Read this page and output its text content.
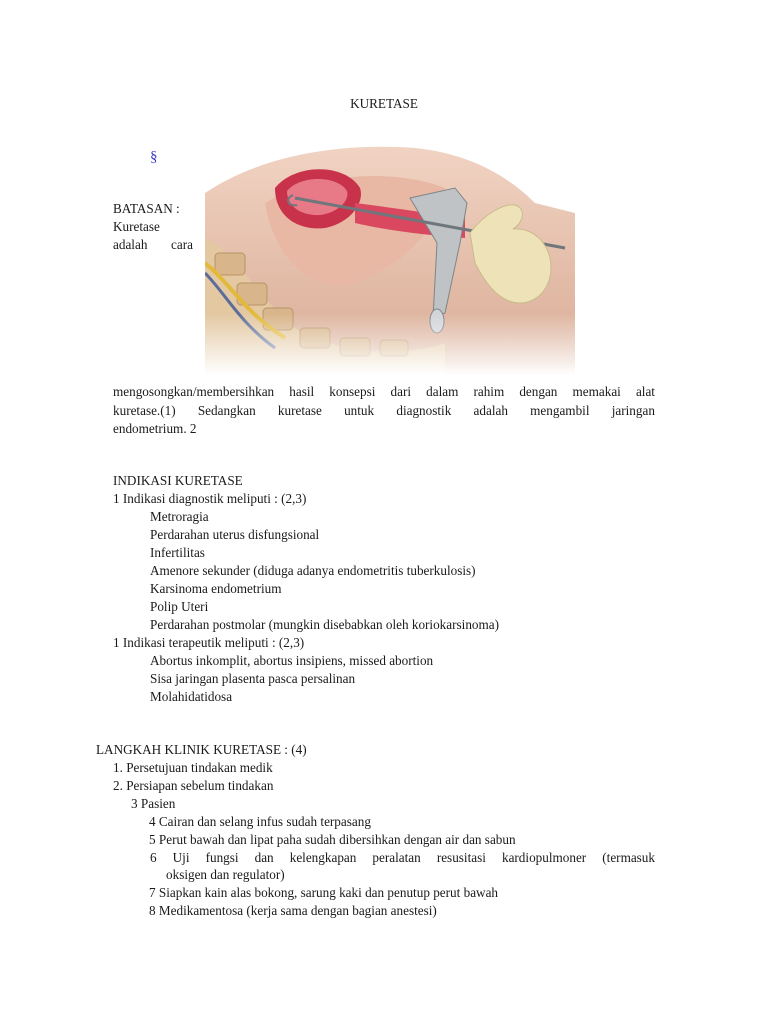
KURETASE
§
BATASAN :
Kuretase
adalah cara
mengosongkan/membersihkan hasil konsepsi dari dalam rahim dengan memakai alat
kuretase.(1) Sedangkan kuretase untuk diagnostik adalah mengambil jaringan
endometrium. 2
INDIKASI KURETASE
1 Indikasi diagnostik meliputi : (2,3)
Metroragia
Perdarahan uterus disfungsional
Infertilitas
Amenore sekunder (diduga adanya endometritis tuberkulosis)
Karsinoma endometrium
Polip Uteri
Perdarahan postmolar (mungkin disebabkan oleh koriokarsinoma)
1 Indikasi terapeutik meliputi : (2,3)
Abortus inkomplit, abortus insipiens, missed abortion
Sisa jaringan plasenta pasca persalinan
Molahidatidosa
LANGKAH KLINIK KURETASE : (4)
1. Persetujuan tindakan medik
2. Persiapan sebelum tindakan
3 Pasien
4 Cairan dan selang infus sudah terpasang
5 Perut bawah dan lipat paha sudah dibersihkan dengan air dan sabun
6 Uji fungsi dan kelengkapan peralatan resusitasi kardiopulmoner (termasuk
oksigen dan regulator)
7 Siapkan kain alas bokong, sarung kaki dan penutup perut bawah
8 Medikamentosa (kerja sama dengan bagian anestesi)
